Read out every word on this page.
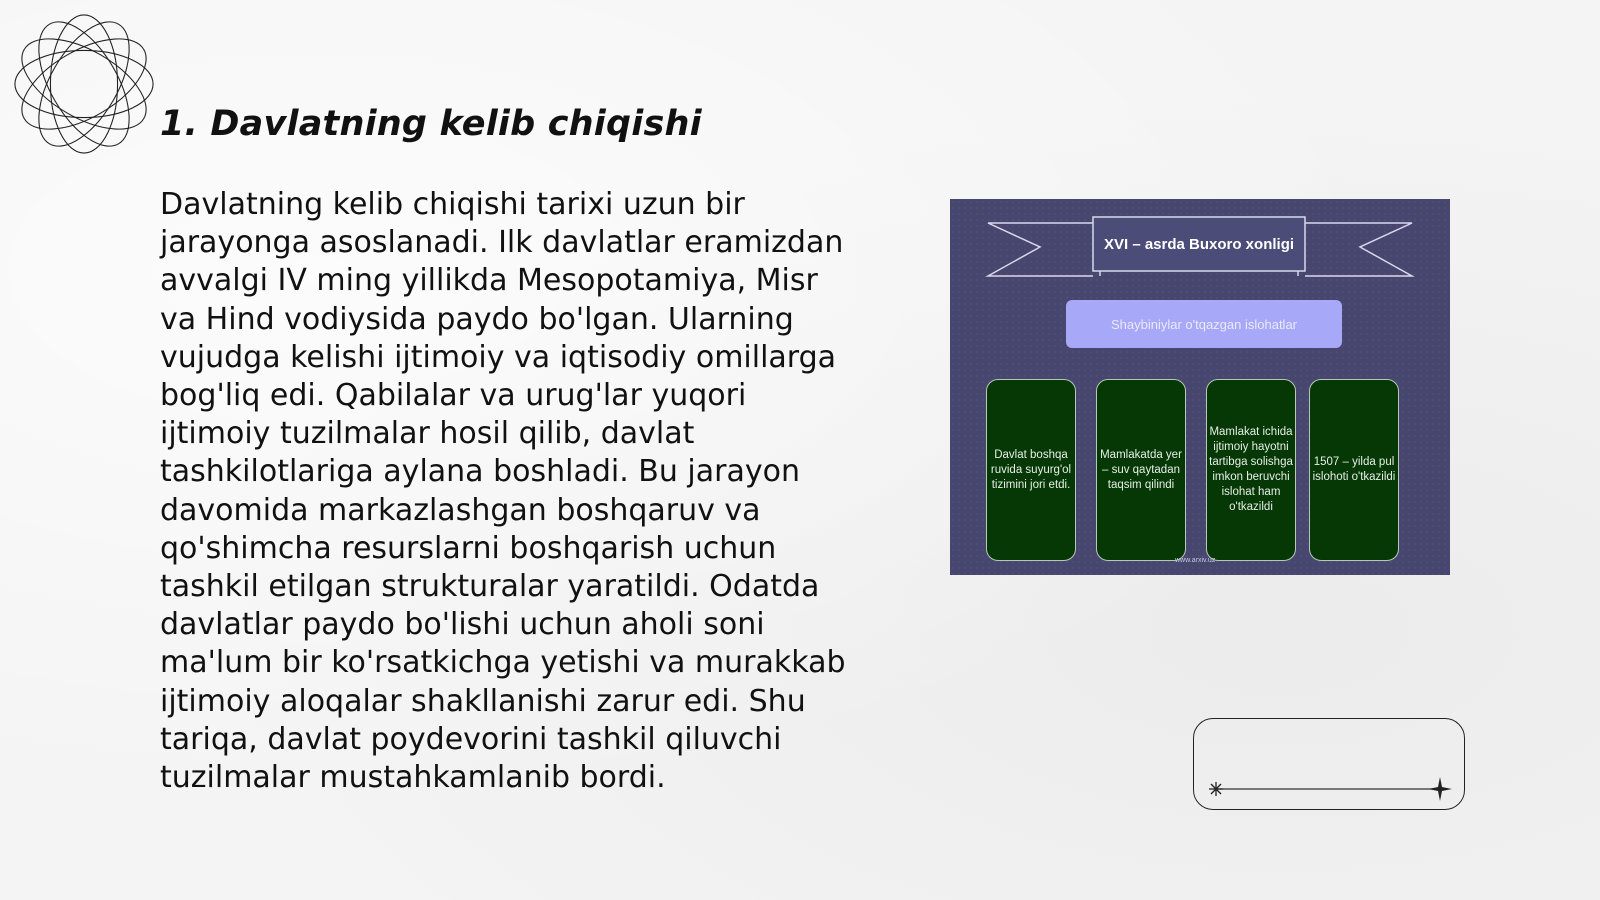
1. Davlatning kelib chiqishi

Davlatning kelib chiqishi tarixi uzun bir jarayonga asoslanadi. Ilk davlatlar eramizdan avvalgi IV ming yillikda Mesopotamiya, Misr va Hind vodiysida paydo bo'lgan. Ularning vujudga kelishi ijtimoiy va iqtisodiy omillarga bog'liq edi. Qabilalar va urug'lar yuqori ijtimoiy tuzilmalar hosil qilib, davlat tashkilotlariga aylana boshladi. Bu jarayon davomida markazlashgan boshqaruv va qo'shimcha resurslarni boshqarish uchun tashkil etilgan strukturalar yaratildi. Odatda davlatlar paydo bo'lishi uchun aholi soni ma'lum bir ko'rsatkichga yetishi va murakkab ijtimoiy aloqalar shakllanishi zarur edi. Shu tariqa, davlat poydevorini tashkil qiluvchi tuzilmalar mustahkamlanib bordi.

XVI – asrda Buxoro xonligi
Shaybiniylar o'tqazgan islohatlar
Davlat boshqa ruvida suyurg'ol tizimini jori etdi.
Mamlakatda yer – suv qaytadan taqsim qilindi
Mamlakat ichida ijtimoiy hayotni tartibga solishga imkon beruvchi islohat ham o'tkazildi
1507 – yilda pul islohoti o'tkazildi
www.arxiv.uz
